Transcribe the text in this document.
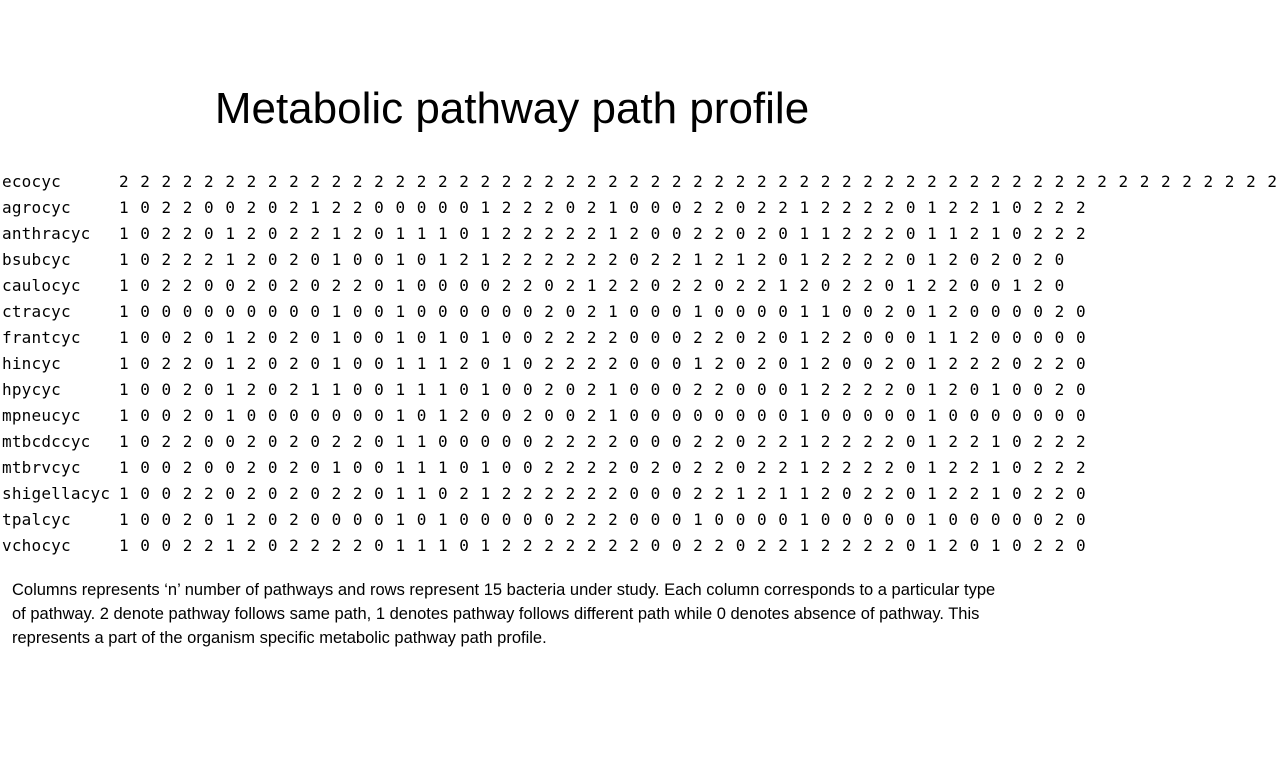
Metabolic pathway path profile
ecocyc	2 2 2 2 2 2 2 2 2 2 2 2 2 2 2 2 2 2 2 2 2 2 2 2 2 2 2 2 2 2 2 2 2 2 2 2 2 2 2 2 2 2 2 2 2 2 2 2 2 2 2 2 2 2 2
agrocyc	1 0 2 2 0 0 2 0 2 1 2 2 0 0 0 0 0 1 2 2 2 0 2 1 0 0 0 2 2 0 2 2 1 2 2 2 2 0 1 2 2 1 0 2 2 2
anthracyc	1 0 2 2 0 1 2 0 2 2 1 2 0 1 1 1 0 1 2 2 2 2 2 1 2 0 0 2 2 0 2 0 1 1 2 2 2 0 1 1 2 1 0 2 2 2
bsubcyc	1 0 2 2 2 1 2 0 2 0 1 0 0 1 0 1 2 1 2 2 2 2 2 2 0 2 2 1 2 1 2 0 1 2 2 2 2 0 1 2 0 2 0 2 0
caulocyc	1 0 2 2 0 0 2 0 2 0 2 2 0 1 0 0 0 0 2 2 0 2 1 2 2 0 2 2 0 2 2 1 2 0 2 2 0 1 2 2 0 0 1 2 0
ctracyc	1 0 0 0 0 0 0 0 0 0 1 0 0 1 0 0 0 0 0 0 2 0 2 1 0 0 0 1 0 0 0 0 1 1 0 0 2 0 1 2 0 0 0 0 2 0
frantcyc	1 0 0 2 0 1 2 0 2 0 1 0 0 1 0 1 0 1 0 0 2 2 2 2 0 0 0 2 2 0 2 0 1 2 2 0 0 0 1 1 2 0 0 0 0 0
hincyc	1 0 2 2 0 1 2 0 2 0 1 0 0 1 1 1 2 0 1 0 2 2 2 2 0 0 0 1 2 0 2 0 1 2 0 0 2 0 1 2 2 2 0 2 2 0
hpycyc	1 0 0 2 0 1 2 0 2 1 1 0 0 1 1 1 0 1 0 0 2 0 2 1 0 0 0 2 2 0 0 0 1 2 2 2 2 0 1 2 0 1 0 0 2 0
mpneucyc	1 0 0 2 0 1 0 0 0 0 0 0 0 1 0 1 2 0 0 2 0 0 2 1 0 0 0 0 0 0 0 0 1 0 0 0 0 0 1 0 0 0 0 0 0 0
mtbcdccyc	1 0 2 2 0 0 2 0 2 0 2 2 0 1 1 0 0 0 0 0 2 2 2 2 0 0 0 2 2 0 2 2 1 2 2 2 2 0 1 2 2 1 0 2 2 2
mtbrvcyc	1 0 0 2 0 0 2 0 2 0 1 0 0 1 1 1 0 1 0 0 2 2 2 2 0 2 0 2 2 0 2 2 1 2 2 2 2 0 1 2 2 1 0 2 2 2
shigellacyc 1 0 0 2 2 0 2 0 2 0 2 2 0 1 1 0 2 1 2 2 2 2 2 2 0 0 0 2 2 1 2 1 1 2 0 2 2 0 1 2 2 1 0 2 2 0
tpalcyc	1 0 0 2 0 1 2 0 2 0 0 0 0 1 0 1 0 0 0 0 0 2 2 2 0 0 0 1 0 0 0 0 1 0 0 0 0 0 1 0 0 0 0 0 2 0
vchocyc	1 0 0 2 2 1 2 0 2 2 2 2 0 1 1 1 0 1 2 2 2 2 2 2 2 0 0 2 2 0 2 2 1 2 2 2 2 0 1 2 0 1 0 2 2 0

Columns represents ‘n’ number of pathways and rows represent 15 bacteria under study. Each column corresponds to a particular type of pathway. 2 denote pathway follows same path, 1 denotes pathway follows different path while 0 denotes absence of pathway. This represents a part of the organism specific metabolic pathway path profile.
